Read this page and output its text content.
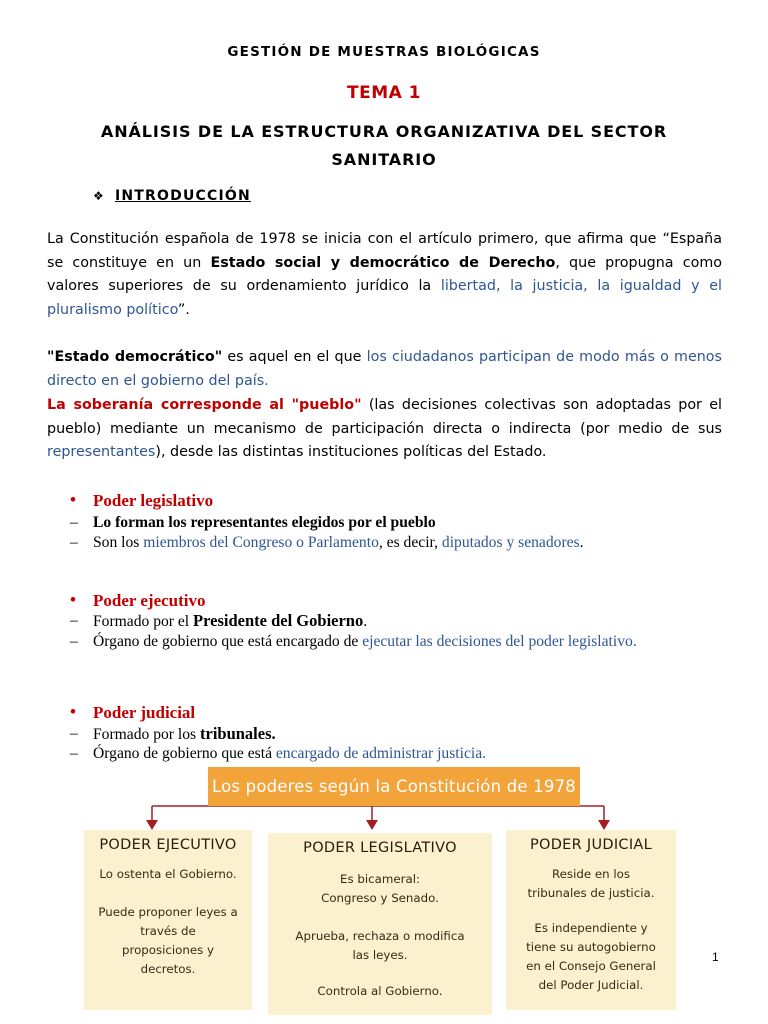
GESTIÓN DE MUESTRAS BIOLÓGICAS
TEMA 1
ANÁLISIS DE LA ESTRUCTURA ORGANIZATIVA DEL SECTOR
SANITARIO
❖ INTRODUCCIÓN
La Constitución española de 1978 se inicia con el artículo primero, que afirma que “España se constituye en un Estado social y democrático de Derecho, que propugna como valores superiores de su ordenamiento jurídico la libertad, la justicia, la igualdad y el pluralismo político”.
"Estado democrático" es aquel en el que los ciudadanos participan de modo más o menos directo en el gobierno del país.
La soberanía corresponde al "pueblo" (las decisiones colectivas son adoptadas por el pueblo) mediante un mecanismo de participación directa o indirecta (por medio de sus representantes), desde las distintas instituciones políticas del Estado.
• Poder legislativo
– Lo forman los representantes elegidos por el pueblo
– Son los miembros del Congreso o Parlamento, es decir, diputados y senadores.
• Poder ejecutivo
– Formado por el Presidente del Gobierno.
– Órgano de gobierno que está encargado de ejecutar las decisiones del poder legislativo.
• Poder judicial
– Formado por los tribunales.
– Órgano de gobierno que está encargado de administrar justicia.
Los poderes según la Constitución de 1978
PODER EJECUTIVO
Lo ostenta el Gobierno.
Puede proponer leyes a
través de
proposiciones y
decretos.
PODER LEGISLATIVO
Es bicameral:
Congreso y Senado.
Aprueba, rechaza o modifica
las leyes.
Controla al Gobierno.
PODER JUDICIAL
Reside en los
tribunales de justicia.
Es independiente y
tiene su autogobierno
en el Consejo General
del Poder Judicial.
1
